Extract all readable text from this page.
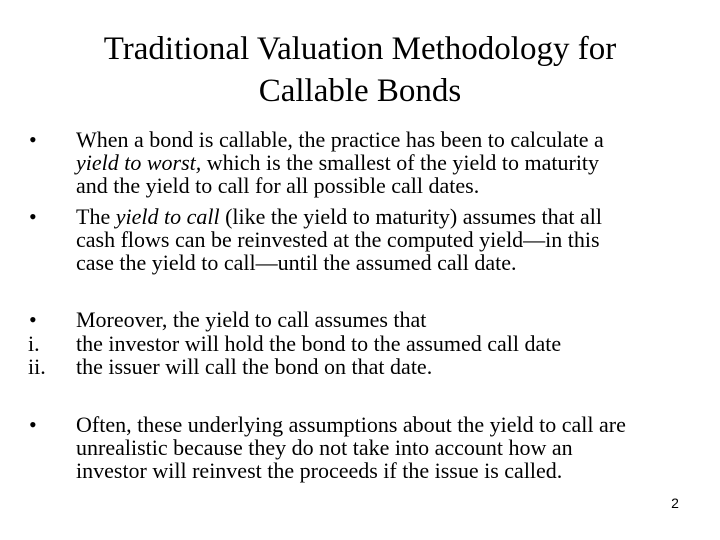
Traditional Valuation Methodology for
Callable Bonds
•	When a bond is callable, the practice has been to calculate a
yield to worst, which is the smallest of the yield to maturity
and the yield to call for all possible call dates.
•	The yield to call (like the yield to maturity) assumes that all
cash flows can be reinvested at the computed yield—in this
case the yield to call—until the assumed call date.
•	Moreover, the yield to call assumes that
i.	the investor will hold the bond to the assumed call date
ii.	the issuer will call the bond on that date.
•	Often, these underlying assumptions about the yield to call are
unrealistic because they do not take into account how an
investor will reinvest the proceeds if the issue is called.
2
